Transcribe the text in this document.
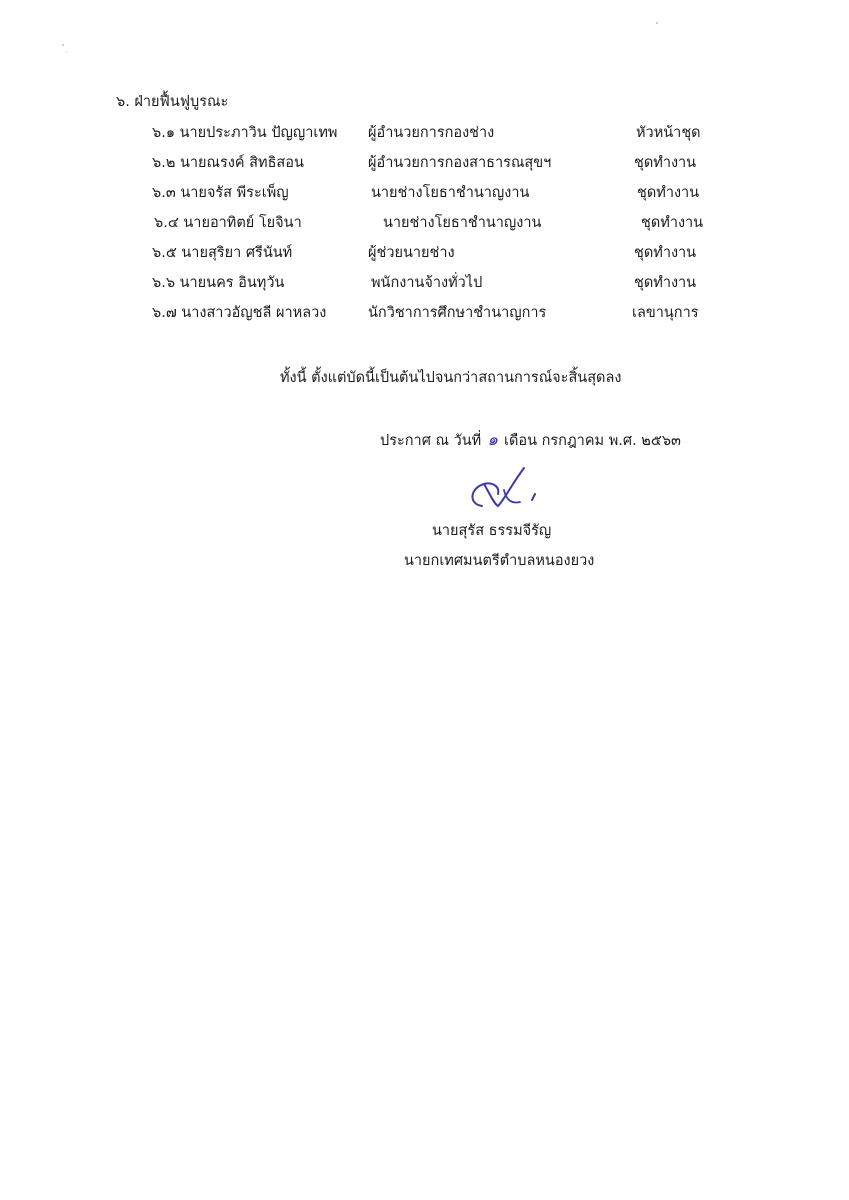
๖. ฝ่ายฟื้นฟูบูรณะ
๖.๑ นายประภาวิน ปัญญาเทพ ผู้อำนวยการกองช่าง	หัวหน้าชุด
๖.๒ นายณรงค์ สิทธิสอน	ผู้อำนวยการกองสาธารณสุขฯ	ชุดทำงาน
๖.๓ นายจรัส พีระเพ็ญ	นายช่างโยธาชำนาญงาน	ชุดทำงาน
๖.๔ นายอาทิตย์ โยจินา	นายช่างโยธาชำนาญงาน	ชุดทำงาน
๖.๕ นายสุริยา ศรีนันท์	ผู้ช่วยนายช่าง	ชุดทำงาน
๖.๖ นายนคร อินทุวัน	พนักงานจ้างทั่วไป	ชุดทำงาน
๖.๗ นางสาวอัญชลี ผาหลวง	นักวิชาการศึกษาชำนาญการ	เลขานุการ
ทั้งนี้ ตั้งแต่บัดนี้เป็นต้นไปจนกว่าสถานการณ์จะสิ้นสุดลง
ประกาศ ณ วันที่ ๑ เดือน กรกฎาคม พ.ศ. ๒๕๖๓
นายสุรัส ธรรมจีรัญ
นายกเทศมนตรีตำบลหนองยวง
